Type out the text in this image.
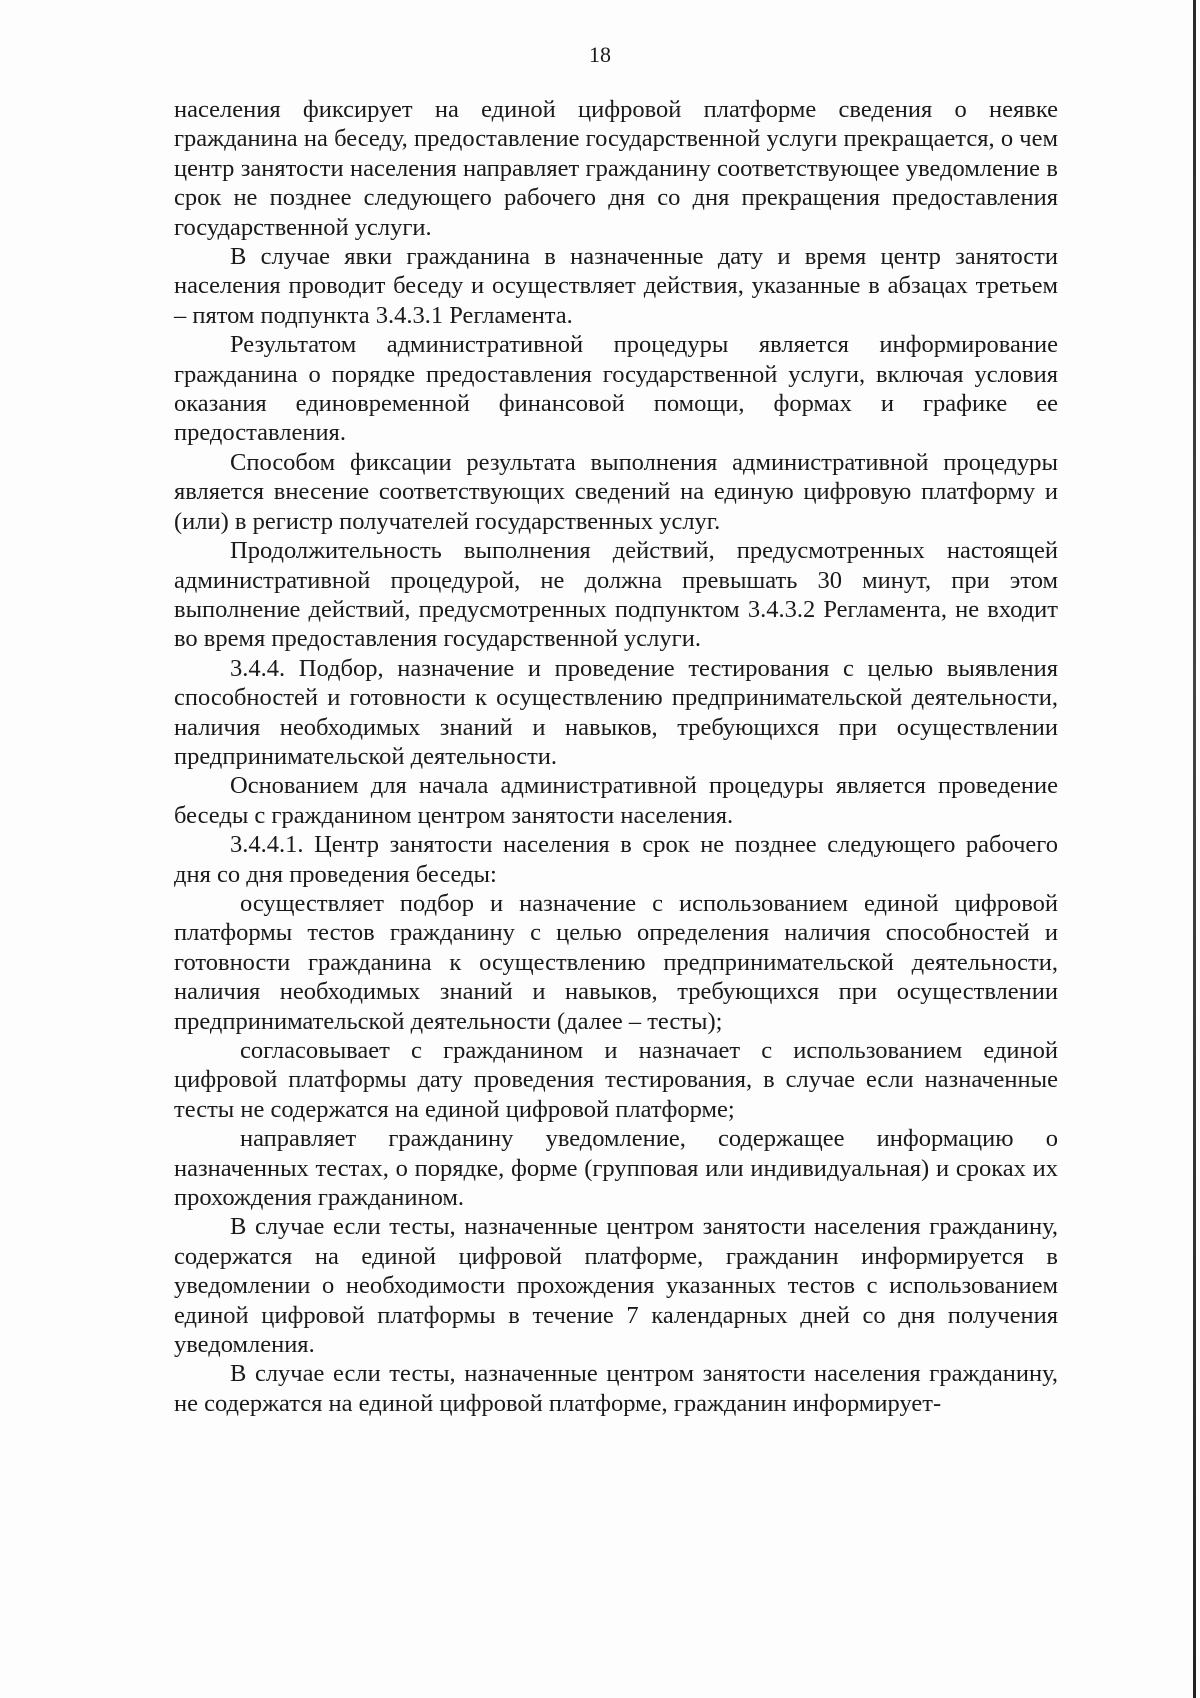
18

населения фиксирует на единой цифровой платформе сведения о неявке гражданина на беседу, предоставление государственной услуги прекращается, о чем центр занятости населения направляет гражданину соответствующее уведомление в срок не позднее следующего рабочего дня со дня прекращения предоставления государственной услуги.

В случае явки гражданина в назначенные дату и время центр занятости населения проводит беседу и осуществляет действия, указанные в абзацах третьем – пятом подпункта 3.4.3.1 Регламента.

Результатом административной процедуры является информирование гражданина о порядке предоставления государственной услуги, включая условия оказания единовременной финансовой помощи, формах и графике ее предоставления.

Способом фиксации результата выполнения административной процедуры является внесение соответствующих сведений на единую цифровую платформу и (или) в регистр получателей государственных услуг.

Продолжительность выполнения действий, предусмотренных настоящей административной процедурой, не должна превышать 30 минут, при этом выполнение действий, предусмотренных подпунктом 3.4.3.2 Регламента, не входит во время предоставления государственной услуги.

3.4.4. Подбор, назначение и проведение тестирования с целью выявления способностей и готовности к осуществлению предпринимательской деятельности, наличия необходимых знаний и навыков, требующихся при осуществлении предпринимательской деятельности.

Основанием для начала административной процедуры является проведение беседы с гражданином центром занятости населения.

3.4.4.1. Центр занятости населения в срок не позднее следующего рабочего дня со дня проведения беседы:

осуществляет подбор и назначение с использованием единой цифровой платформы тестов гражданину с целью определения наличия способностей и готовности гражданина к осуществлению предпринимательской деятельности, наличия необходимых знаний и навыков, требующихся при осуществлении предпринимательской деятельности (далее – тесты);

согласовывает с гражданином и назначает с использованием единой цифровой платформы дату проведения тестирования, в случае если назначенные тесты не содержатся на единой цифровой платформе;

направляет гражданину уведомление, содержащее информацию о назначенных тестах, о порядке, форме (групповая или индивидуальная) и сроках их прохождения гражданином.

В случае если тесты, назначенные центром занятости населения гражданину, содержатся на единой цифровой платформе, гражданин информируется в уведомлении о необходимости прохождения указанных тестов с использованием единой цифровой платформы в течение 7 календарных дней со дня получения уведомления.

В случае если тесты, назначенные центром занятости населения гражданину, не содержатся на единой цифровой платформе, гражданин информирует-
